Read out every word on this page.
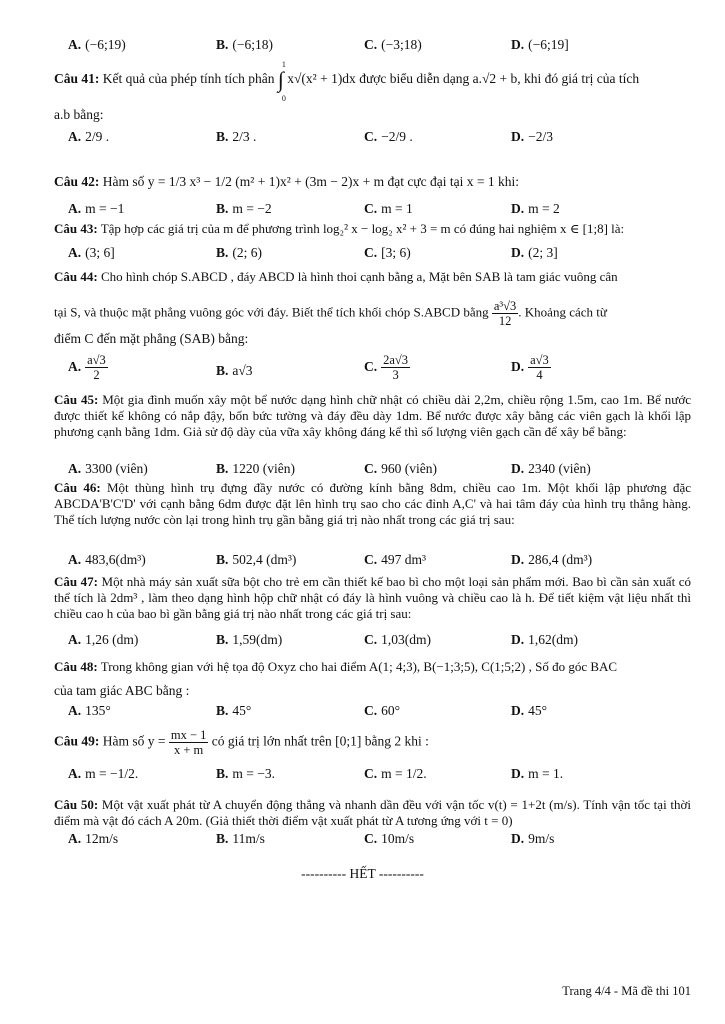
A. (−6;19)	B. (−6;18)	C. (−3;18)	D. (−6;19]
Câu 41: Kết quả của phép tính tích phân ∫
1
0
x√(x² + 1)dx được biểu diễn dạng a.√2 + b, khi đó giá trị của tích
a.b bằng:
A. 2/9 .	B. 2/3 .	C. −2/9 .	D. −2/3
Câu 42: Hàm số y = 1/3 x³ − 1/2 (m² + 1)x² + (3m − 2)x + m đạt cực đại tại x = 1 khi:
A. m = −1	B. m = −2	C. m = 1	D. m = 2
Câu 43: Tập hợp các giá trị của m để phương trình log₂² x − log₂ x² + 3 = m có đúng hai nghiệm x ∈ [1;8] là:
A. (3; 6]	B. (2; 6)	C. [3; 6)	D. (2; 3]
Câu 44: Cho hình chóp S.ABCD , đáy ABCD là hình thoi cạnh bằng a, Mặt bên SAB là tam giác vuông cân
tại S, và thuộc mặt phẳng vuông góc với đáy. Biết thể tích khối chóp S.ABCD bằng $\frac{\text{a³√3}}{12}$ . Khoảng cách từ
điểm C đến mặt phẳng (SAB) bằng:
A. $\frac{a√3}{2}$	B. a√3	C. $\frac{2a√3}{3}$	D. $\frac{a√3}{4}$
Câu 45: Một gia đình muốn xây một bể nước dạng hình chữ nhật có chiều dài 2,2m, chiều rộng 1.5m, cao 1m. Bể nước được thiết kế không có nắp đậy, bốn bức tường và đáy đều dày 1dm. Bể nước được xây bằng các viên gạch là khối lập phương cạnh bằng 1dm. Giả sử độ dày của vữa xây không đáng kể thì số lượng viên gạch cần để xây bể bằng:
A. 3300 (viên)	B. 1220 (viên)	C. 960 (viên)	D. 2340 (viên)
Câu 46: Một thùng hình trụ đựng đầy nước có đường kính bằng 8dm, chiều cao 1m. Một khối lập phương đặc ABCDA'B'C'D' với cạnh bằng 6dm được đặt lên hình trụ sao cho các đỉnh A,C' và hai tâm đáy của hình trụ thẳng hàng. Thể tích lượng nước còn lại trong hình trụ gần bằng giá trị nào nhất trong các giá trị sau:
A. 483,6(dm³)	B. 502,4 (dm³)	C. 497 dm³	D. 286,4 (dm³)
Câu 47: Một nhà máy sản xuất sữa bột cho trẻ em cần thiết kế bao bì cho một loại sản phẩm mới. Bao bì cần sản xuất có thể tích là 2dm³ , làm theo dạng hình hộp chữ nhật có đáy là hình vuông và chiều cao là h. Để tiết kiệm vật liệu nhất thì chiều cao h của bao bì gần bằng giá trị nào nhất trong các giá trị sau:
A. 1,26 (dm)	B. 1,59(dm)	C. 1,03(dm)	D. 1,62(dm)
Câu 48: Trong không gian với hệ tọa độ Oxyz cho hai điểm A(1; 4;3), B(−1;3;5), C(1;5;2) , Số đo góc BAC
của tam giác ABC bằng :
A. 135°	B. 45°	C. 60°	D. 45°
Câu 49: Hàm số $y = \frac{mx - 1}{x + m}$ có giá trị lớn nhất trên [0;1] bằng 2 khi :
A. m = −1/2.	B. m = −3.	C. m = 1/2.	D. m = 1.
Câu 50: Một vật xuất phát từ A chuyển động thẳng và nhanh dần đều với vận tốc v(t) = 1+2t (m/s). Tính vận tốc tại thời điểm mà vật đó cách A 20m. (Giả thiết thời điểm vật xuất phát từ A tương ứng với t = 0)
A. 12m/s	B. 11m/s	C. 10m/s	D. 9m/s
---------- HẾT ----------
Trang 4/4 - Mã đề thi 101
